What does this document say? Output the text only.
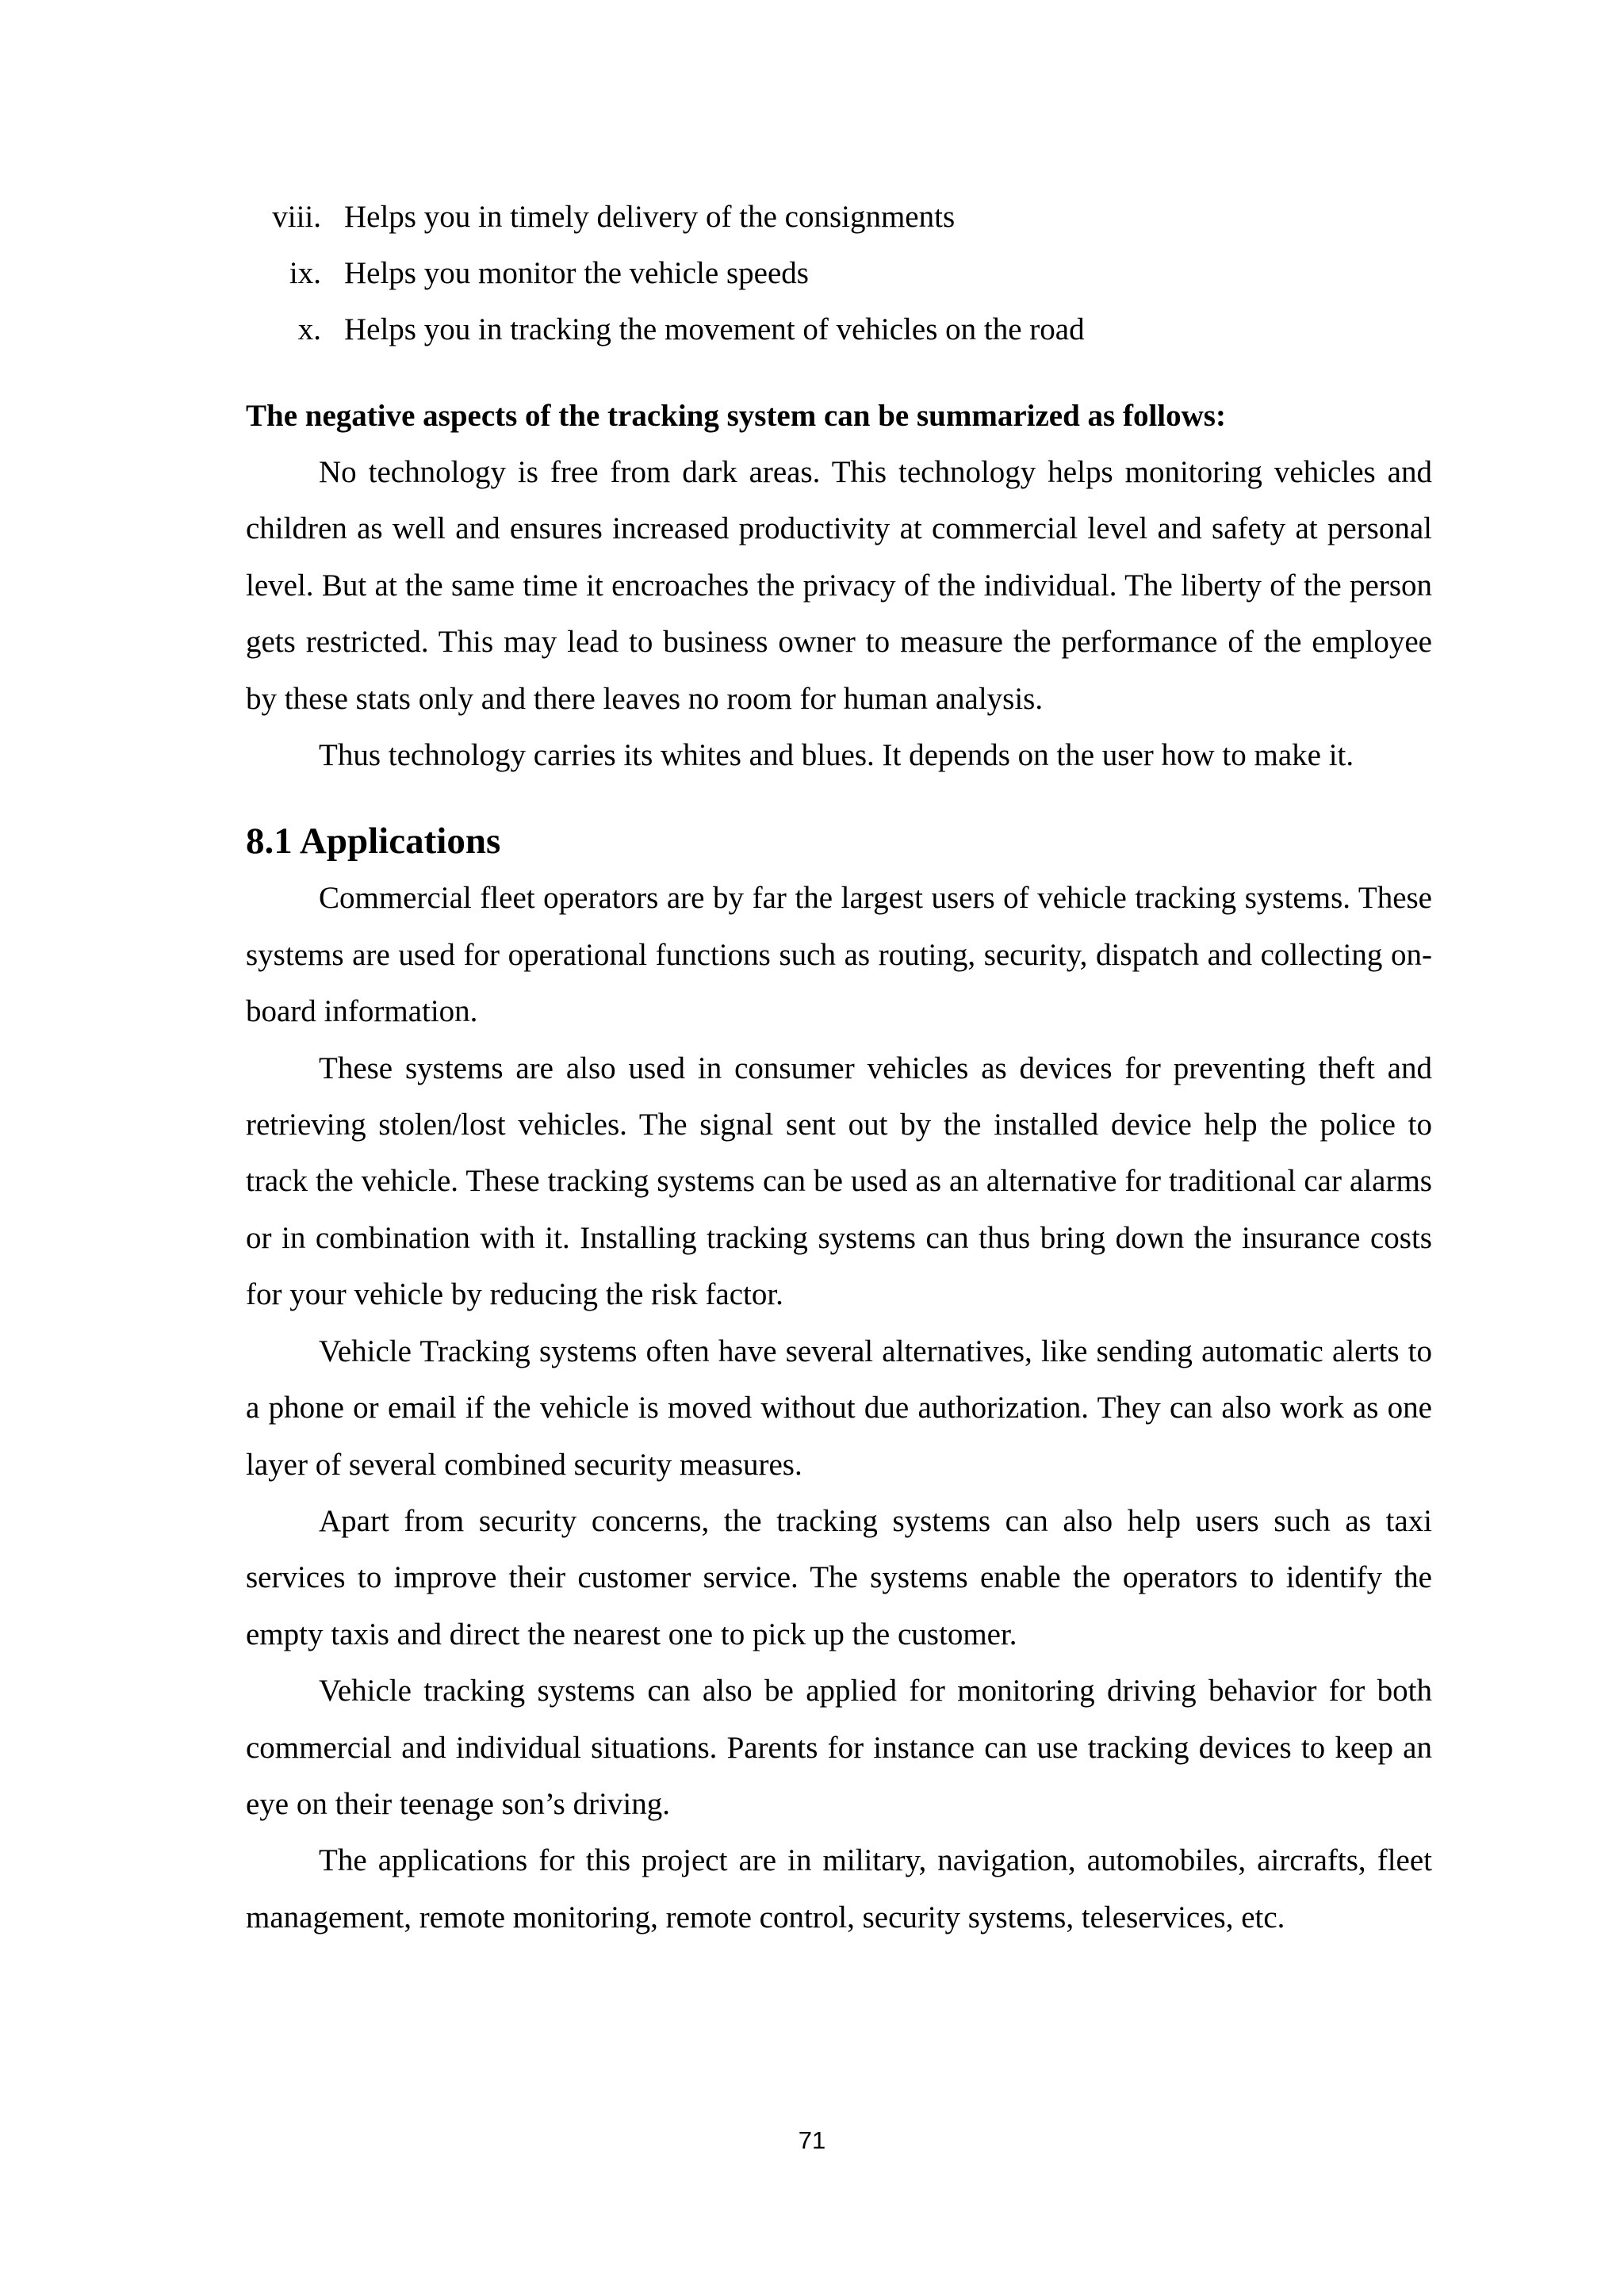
viii. Helps you in timely delivery of the consignments
ix. Helps you monitor the vehicle speeds
x. Helps you in tracking the movement of vehicles on the road

The negative aspects of the tracking system can be summarized as follows:

No technology is free from dark areas. This technology helps monitoring vehicles and children as well and ensures increased productivity at commercial level and safety at personal level. But at the same time it encroaches the privacy of the individual. The liberty of the person gets restricted. This may lead to business owner to measure the performance of the employee by these stats only and there leaves no room for human analysis.

Thus technology carries its whites and blues. It depends on the user how to make it.

8.1 Applications

Commercial fleet operators are by far the largest users of vehicle tracking systems. These systems are used for operational functions such as routing, security, dispatch and collecting on-board information.

These systems are also used in consumer vehicles as devices for preventing theft and retrieving stolen/lost vehicles. The signal sent out by the installed device help the police to track the vehicle. These tracking systems can be used as an alternative for traditional car alarms or in combination with it. Installing tracking systems can thus bring down the insurance costs for your vehicle by reducing the risk factor.

Vehicle Tracking systems often have several alternatives, like sending automatic alerts to a phone or email if the vehicle is moved without due authorization. They can also work as one layer of several combined security measures.

Apart from security concerns, the tracking systems can also help users such as taxi services to improve their customer service. The systems enable the operators to identify the empty taxis and direct the nearest one to pick up the customer.

Vehicle tracking systems can also be applied for monitoring driving behavior for both commercial and individual situations. Parents for instance can use tracking devices to keep an eye on their teenage son’s driving.

The applications for this project are in military, navigation, automobiles, aircrafts, fleet management, remote monitoring, remote control, security systems, teleservices, etc.

71
